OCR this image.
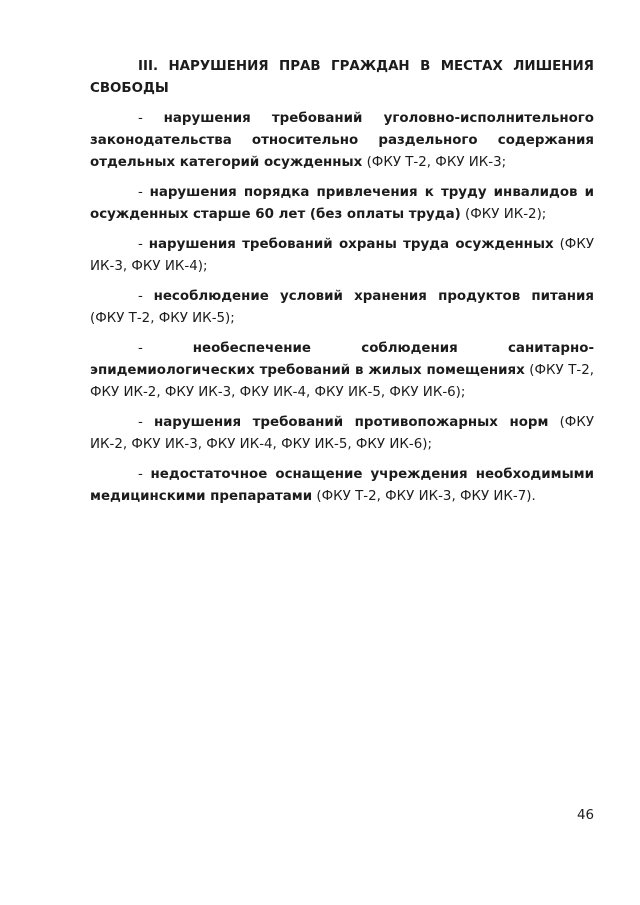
III. НАРУШЕНИЯ ПРАВ ГРАЖДАН В МЕСТАХ ЛИШЕНИЯ СВОБОДЫ

- нарушения требований уголовно-исполнительного законодательства относительно раздельного содержания отдельных категорий осужденных (ФКУ Т-2, ФКУ ИК-3;

- нарушения порядка привлечения к труду инвалидов и осужденных старше 60 лет (без оплаты труда) (ФКУ ИК-2);

- нарушения требований охраны труда осужденных (ФКУ ИК-3, ФКУ ИК-4);

- несоблюдение условий хранения продуктов питания (ФКУ Т-2, ФКУ ИК-5);

- необеспечение соблюдения санитарно-эпидемиологических требований в жилых помещениях (ФКУ Т-2, ФКУ ИК-2, ФКУ ИК-3, ФКУ ИК-4, ФКУ ИК-5, ФКУ ИК-6);

- нарушения требований противопожарных норм (ФКУ ИК-2, ФКУ ИК-3, ФКУ ИК-4, ФКУ ИК-5, ФКУ ИК-6);

- недостаточное оснащение учреждения необходимыми медицинскими препаратами (ФКУ Т-2, ФКУ ИК-3, ФКУ ИК-7).

46
